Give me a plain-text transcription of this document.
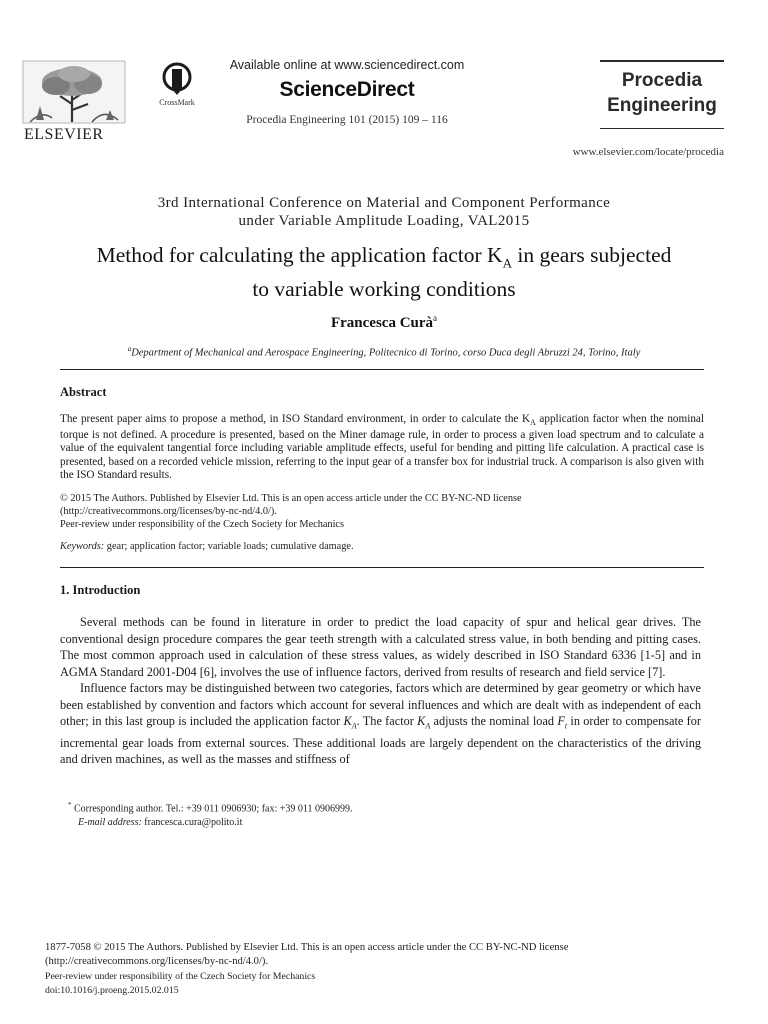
ELSEVIER
CrossMark
Available online at www.sciencedirect.com
ScienceDirect
Procedia Engineering 101 (2015) 109 – 116
Procedia
Engineering
www.elsevier.com/locate/procedia
3rd International Conference on Material and Component Performance
under Variable Amplitude Loading, VAL2015
Method for calculating the application factor $K_A$ in gears subjected
to variable working conditions
Francesca Curà$^a$
$^a$Department of Mechanical and Aerospace Engineering, Politecnico di Torino, corso Duca degli Abruzzi 24, Torino, Italy
Abstract
The present paper aims to propose a method, in ISO Standard environment, in order to calculate the $K_A$ application factor when the nominal torque is not defined. A procedure is presented, based on the Miner damage rule, in order to process a given load spectrum and to calculate a value of the equivalent tangential force including variable amplitude effects, useful for bending and pitting life calculation. A practical case is presented, based on a recorded vehicle mission, referring to the input gear of a transfer box for industrial truck. A comparison is also given with the ISO Standard results.
© 2015 The Authors. Published by Elsevier Ltd. This is an open access article under the CC BY-NC-ND license
(http://creativecommons.org/licenses/by-nc-nd/4.0/).
Peer-review under responsibility of the Czech Society for Mechanics
Keywords: gear; application factor; variable loads; cumulative damage.
1. Introduction

Several methods can be found in literature in order to predict the load capacity of spur and helical gear drives. The conventional design procedure compares the gear teeth strength with a calculated stress value, in both bending and pitting cases. The most common approach used in calculation of these stress values, as widely described in ISO Standard 6336 [1-5] and in AGMA Standard 2001-D04 [6], involves the use of influence factors, derived from results of research and field service [7].

Influence factors may be distinguished between two categories, factors which are determined by gear geometry or which have been established by convention and factors which account for several influences and which are dealt with as independent of each other; in this last group is included the application factor $K_A$. The factor $K_A$ adjusts the nominal load $F_t$ in order to compensate for incremental gear loads from external sources. These additional loads are largely dependent on the characteristics of the driving and driven machines, as well as the masses and stiffness of

* Corresponding author. Tel.: +39 011 0906930; fax: +39 011 0906999.
E-mail address: francesca.cura@polito.it
1877-7058 © 2015 The Authors. Published by Elsevier Ltd. This is an open access article under the CC BY-NC-ND license
(http://creativecommons.org/licenses/by-nc-nd/4.0/).
Peer-review under responsibility of the Czech Society for Mechanics
doi:10.1016/j.proeng.2015.02.015
